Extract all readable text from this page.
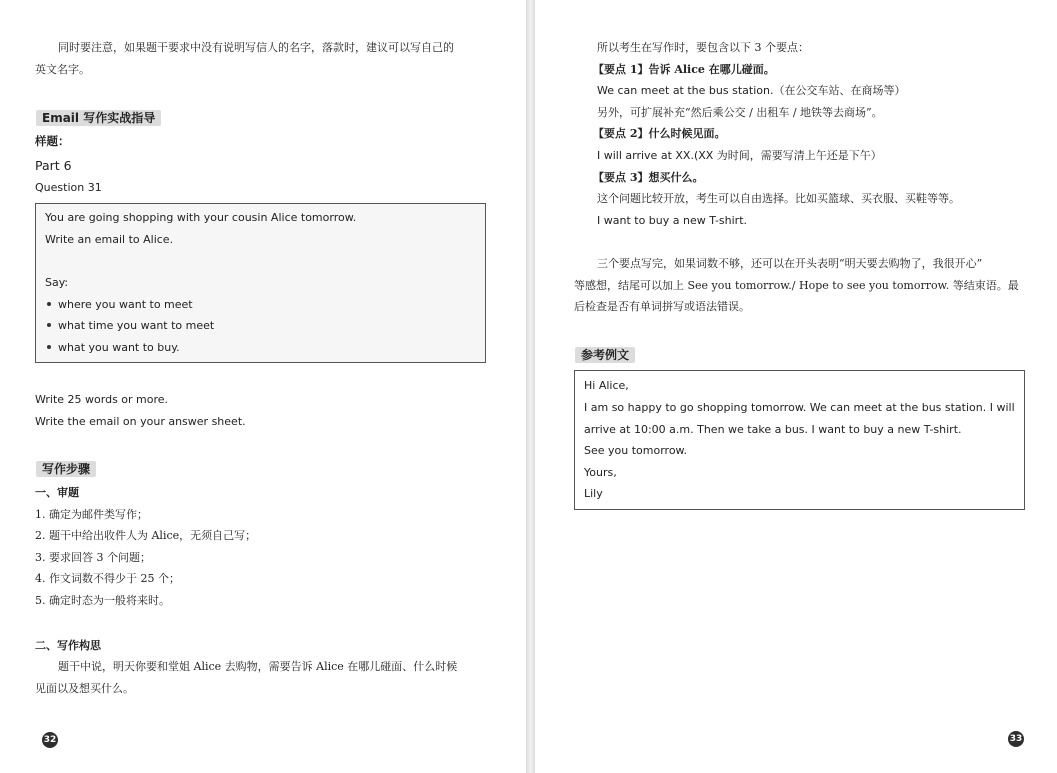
同时要注意，如果题干要求中没有说明写信人的名字，落款时，建议可以写自己的
英文名字。
Email 写作实战指导
样题：
Part 6
Question 31
You are going shopping with your cousin Alice tomorrow.
Write an email to Alice.
Say:
where you want to meet
what time you want to meet
what you want to buy.
Write 25 words or more.
Write the email on your answer sheet.
写作步骤
一、审题
1. 确定为邮件类写作；
2. 题干中给出收件人为 Alice，无须自己写；
3. 要求回答 3 个问题；
4. 作文词数不得少于 25 个；
5. 确定时态为一般将来时。
二、写作构思
题干中说，明天你要和堂姐 Alice 去购物，需要告诉 Alice 在哪儿碰面、什么时候
见面以及想买什么。
32
所以考生在写作时，要包含以下 3 个要点：
【要点 1】告诉 Alice 在哪儿碰面。
We can meet at the bus station.（在公交车站、在商场等）
另外，可扩展补充“然后乘公交 / 出租车 / 地铁等去商场”。
【要点 2】什么时候见面。
I will arrive at XX.(XX 为时间，需要写清上午还是下午）
【要点 3】想买什么。
这个问题比较开放，考生可以自由选择。比如买篮球、买衣服、买鞋等等。
I want to buy a new T-shirt.
三个要点写完，如果词数不够，还可以在开头表明“明天要去购物了，我很开心”
等感想，结尾可以加上 See you tomorrow./ Hope to see you tomorrow. 等结束语。最
后检查是否有单词拼写或语法错误。
参考例文
Hi Alice,
I am so happy to go shopping tomorrow. We can meet at the bus station. I will
arrive at 10:00 a.m. Then we take a bus. I want to buy a new T-shirt.
See you tomorrow.
Yours,
Lily
33
